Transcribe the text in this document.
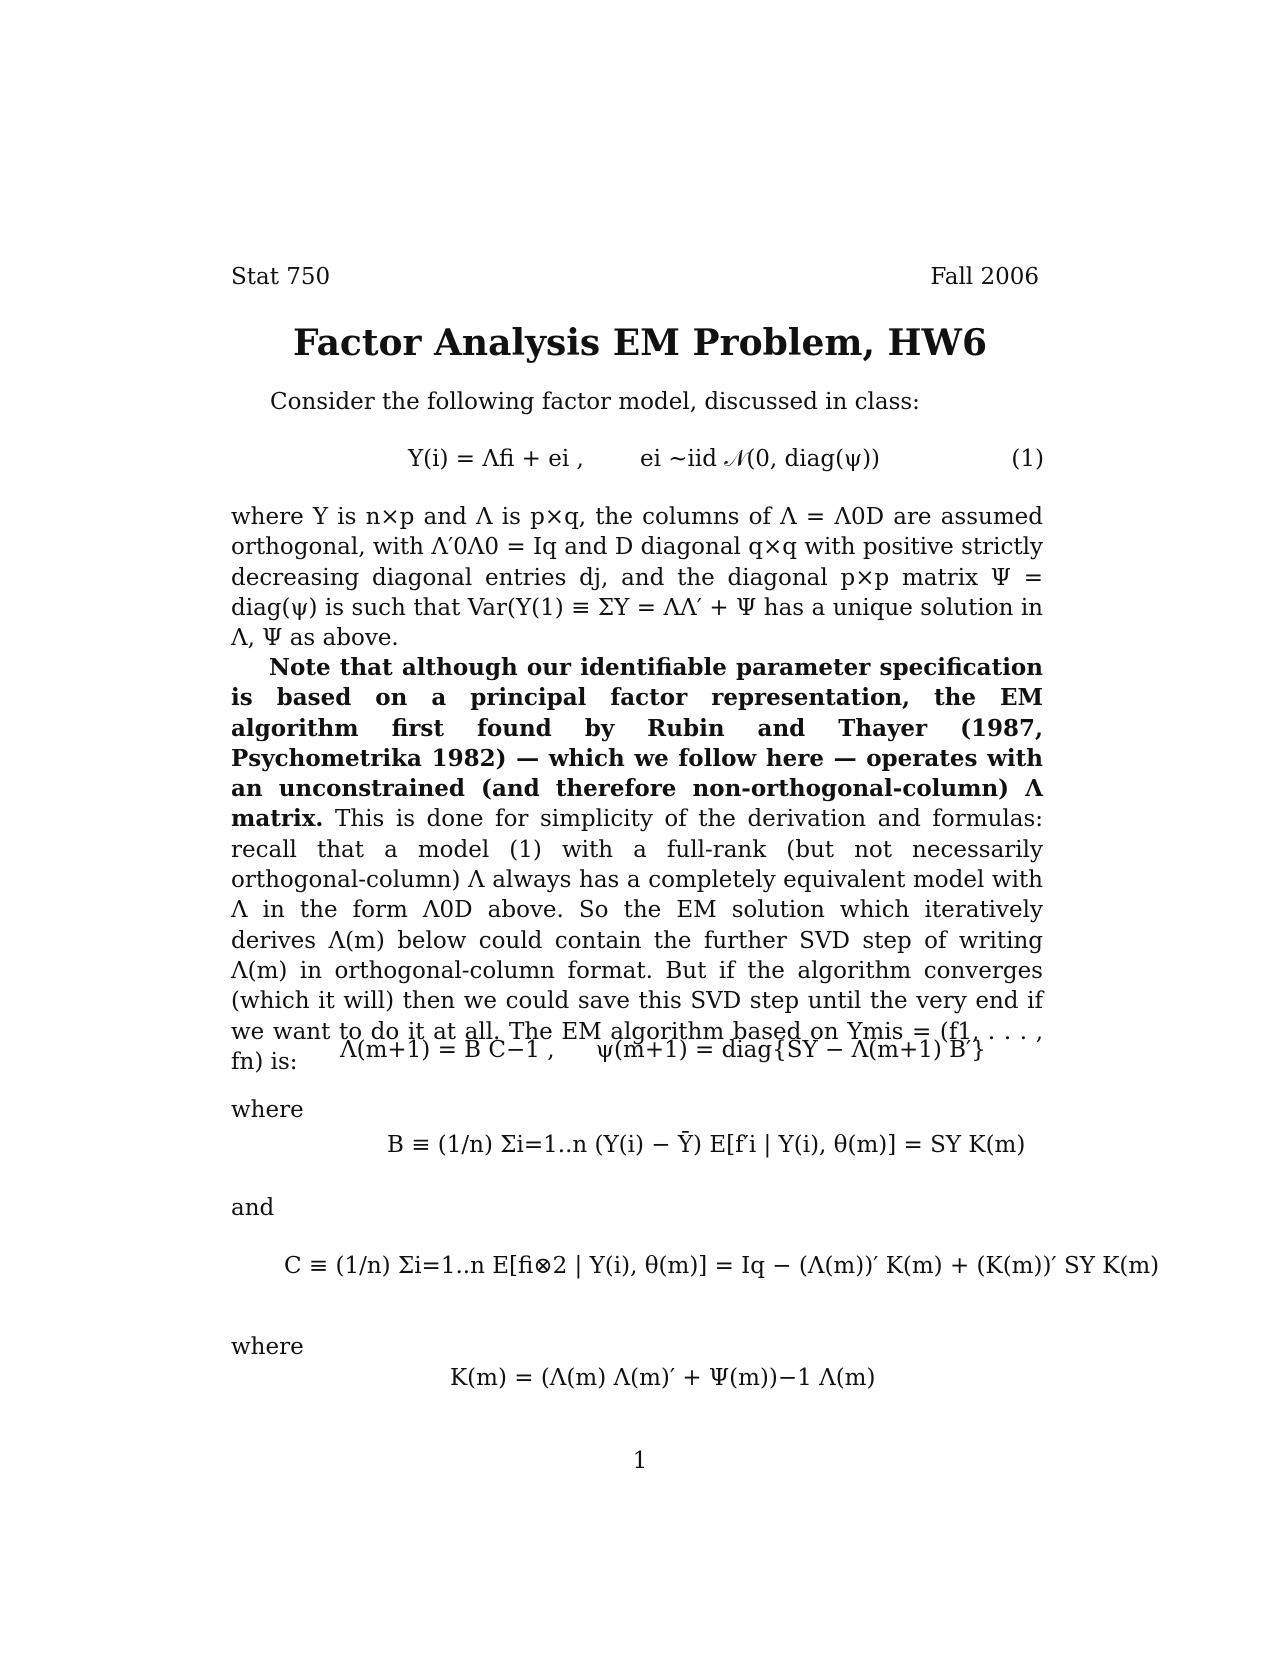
Stat 750	Fall 2006
Factor Analysis EM Problem, HW6
Consider the following factor model, discussed in class:
Y(i) = Λfi + ei , ei ~iid 𝒩(0, diag(ψ))	(1)
where Y is n×p and Λ is p×q, the columns of Λ = Λ0D are assumed orthogonal, with Λ′0Λ0 = Iq and D diagonal q×q with positive strictly decreasing diagonal entries dj, and the diagonal p×p matrix Ψ = diag(ψ) is such that Var(Y(1) ≡ ΣY = ΛΛ′ + Ψ has a unique solution in Λ, Ψ as above.
Note that although our identifiable parameter specification is based on a principal factor representation, the EM algorithm first found by Rubin and Thayer (1987, Psychometrika 1982) — which we follow here — operates with an unconstrained (and therefore non-orthogonal-column) Λ matrix. This is done for simplicity of the derivation and formulas: recall that a model (1) with a full-rank (but not necessarily orthogonal-column) Λ always has a completely equivalent model with Λ in the form Λ0D above. So the EM solution which iteratively derives Λ(m) below could contain the further SVD step of writing Λ(m) in orthogonal-column format. But if the algorithm converges (which it will) then we could save this SVD step until the very end if we want to do it at all. The EM algorithm based on Ymis = (f1, . . . , fn) is:	Λ(m+1) = B C−1 , ψ(m+1) = diag{SY − Λ(m+1) B′}
where
B ≡ (1/n) Σi=1..n (Y(i) − Ȳ) E[f′i | Y(i), θ(m)] = SY K(m)
and
C ≡ (1/n) Σi=1..n E[fi⊗2 | Y(i), θ(m)] = Iq − (Λ(m))′ K(m) + (K(m))′ SY K(m)
where
K(m) = (Λ(m) Λ(m)′ + Ψ(m))−1 Λ(m)
1
